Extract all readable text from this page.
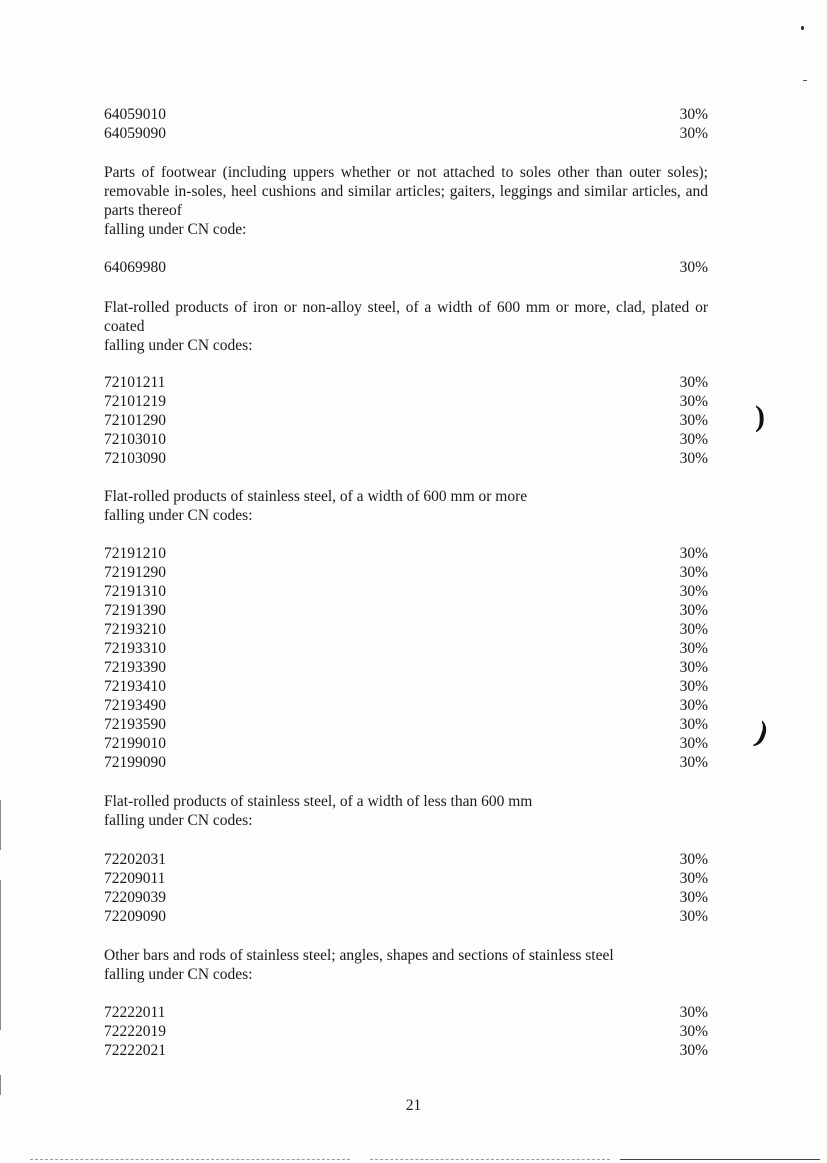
64059010	30%
64059090	30%
Parts of footwear (including uppers whether or not attached to soles other than outer soles); removable in-soles, heel cushions and similar articles; gaiters, leggings and similar articles, and parts thereof
falling under CN code:
64069980	30%
Flat-rolled products of iron or non-alloy steel, of a width of 600 mm or more, clad, plated or coated
falling under CN codes:
72101211	30%
72101219	30%
72101290	30%
72103010	30%
72103090	30%
Flat-rolled products of stainless steel, of a width of 600 mm or more
falling under CN codes:
72191210	30%
72191290	30%
72191310	30%
72191390	30%
72193210	30%
72193310	30%
72193390	30%
72193410	30%
72193490	30%
72193590	30%
72199010	30%
72199090	30%
Flat-rolled products of stainless steel, of a width of less than 600 mm
falling under CN codes:
72202031	30%
72209011	30%
72209039	30%
72209090	30%
Other bars and rods of stainless steel; angles, shapes and sections of stainless steel
falling under CN codes:
72222011	30%
72222019	30%
72222021	30%
21
)
)
